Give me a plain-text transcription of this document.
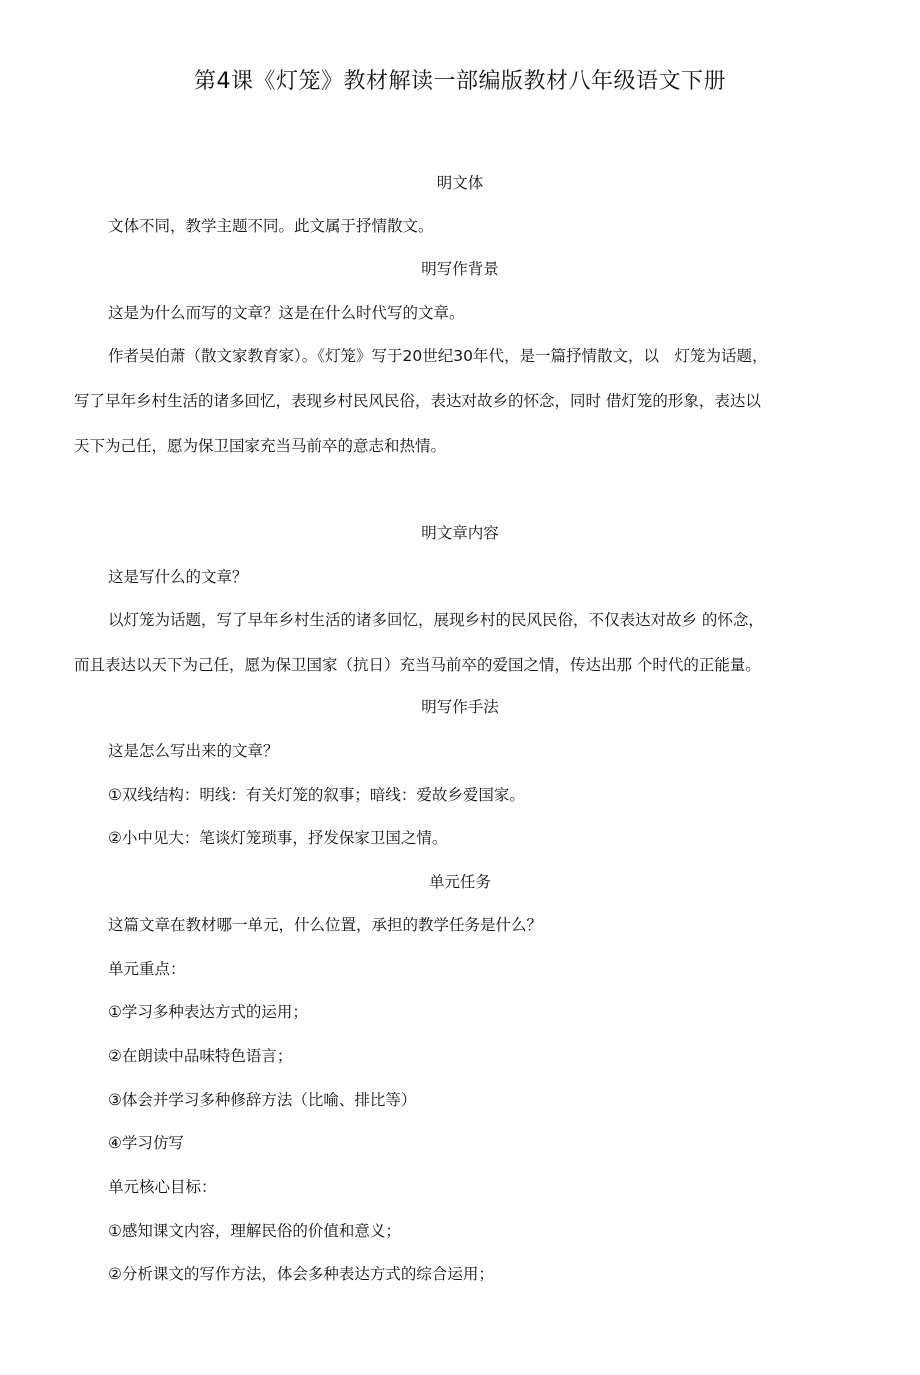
第4课《灯笼》教材解读一部编版教材八年级语文下册
明文体

文体不同，教学主题不同。此文属于抒情散文。

明写作背景

这是为什么而写的文章？这是在什么时代写的文章。

作者吴伯萧（散文家教育家）。《灯笼》写于20世纪30年代，是一篇抒情散文，以　灯笼为话题，
写了早年乡村生活的诸多回忆，表现乡村民风民俗，表达对故乡的怀念，同时 借灯笼的形象，表达以
天下为己任，愿为保卫国家充当马前卒的意志和热情。
明文章内容

这是写什么的文章？

以灯笼为话题，写了早年乡村生活的诸多回忆，展现乡村的民风民俗，不仅表达对故乡 的怀念，
而且表达以天下为己任，愿为保卫国家（抗日）充当马前卒的爱国之情，传达出那 个时代的正能量。
明写作手法

这是怎么写出来的文章？

①双线结构：明线：有关灯笼的叙事；暗线：爱故乡爱国家。

②小中见大：笔谈灯笼琐事，抒发保家卫国之情。

单元任务

这篇文章在教材哪一单元，什么位置，承担的教学任务是什么？

单元重点：

①学习多种表达方式的运用；

②在朗读中品味特色语言；

③体会并学习多种修辞方法（比喻、排比等）

④学习仿写

单元核心目标：

①感知课文内容，理解民俗的价值和意义；

②分析课文的写作方法，体会多种表达方式的综合运用；
